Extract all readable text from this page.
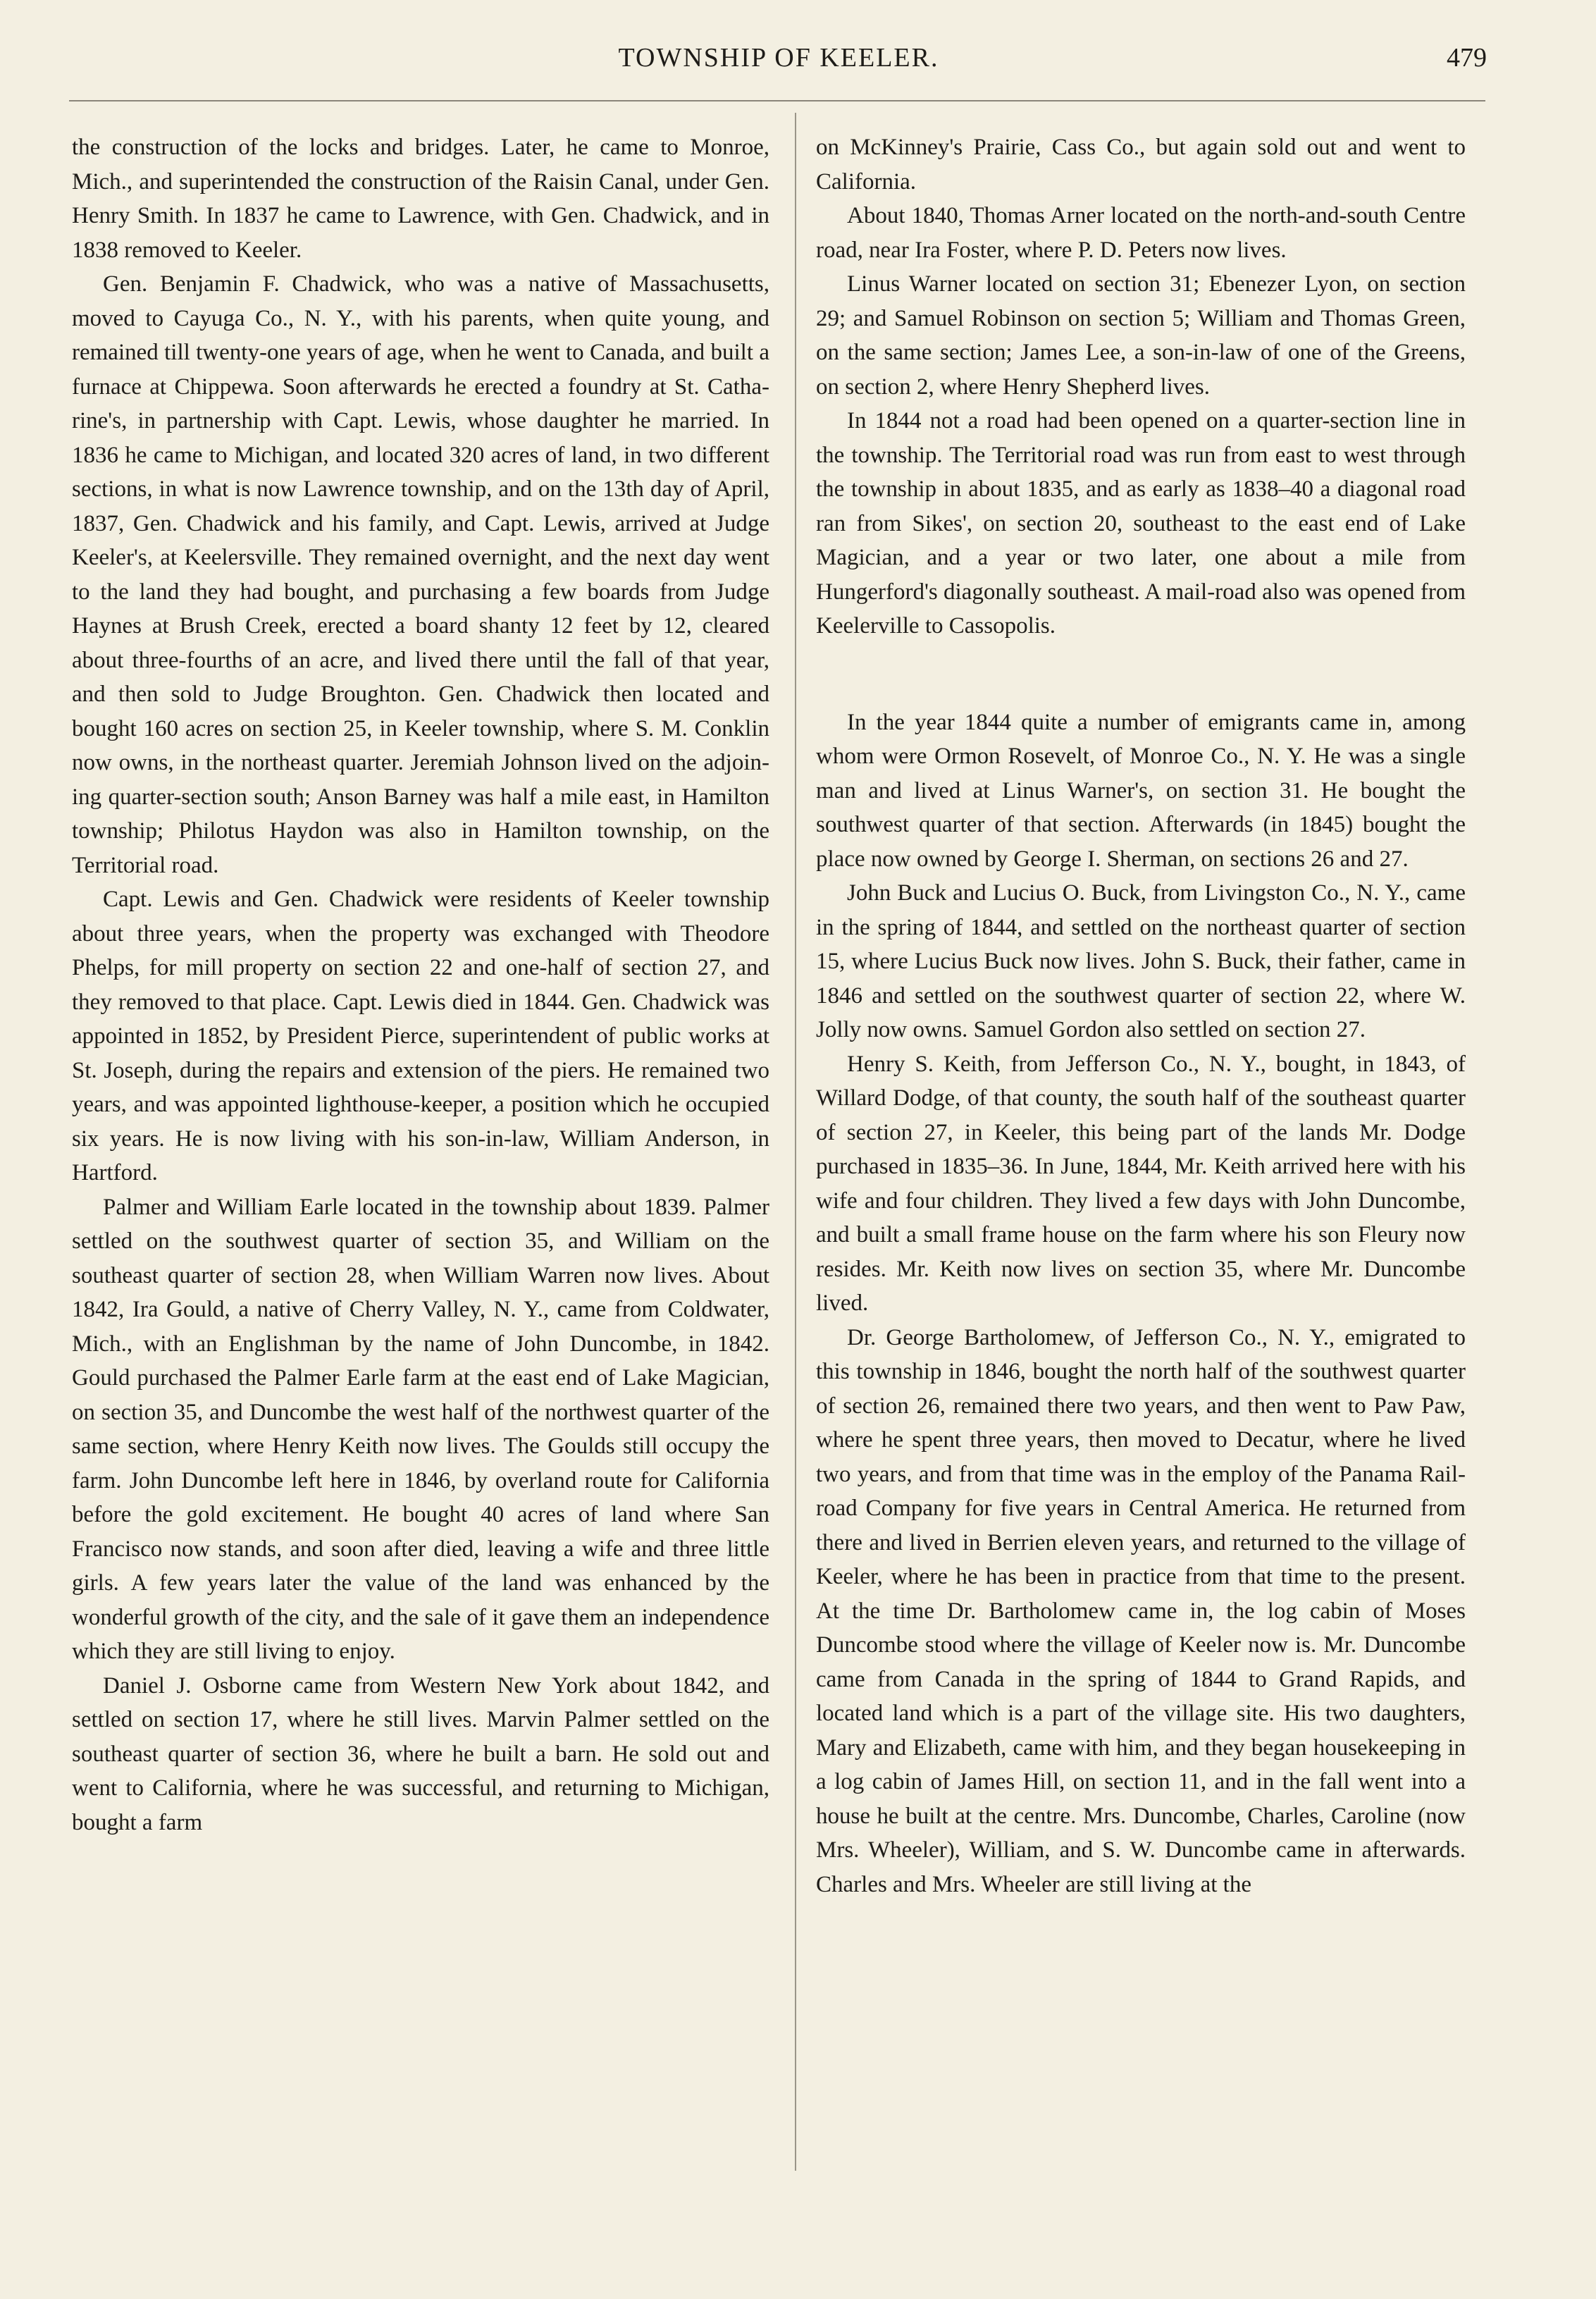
TOWNSHIP OF KEELER.	479

the construction of the locks and bridges. Later, he came to Monroe, Mich., and superintended the construction of the Raisin Canal, under Gen. Henry Smith. In 1837 he came to Lawrence, with Gen. Chadwick, and in 1838 removed to Keeler.

Gen. Benjamin F. Chadwick, who was a native of Massachusetts, moved to Cayuga Co., N. Y., with his parents, when quite young, and remained till twenty-one years of age, when he went to Canada, and built a furnace at Chippewa. Soon afterwards he erected a foundry at St. Catharine's, in partnership with Capt. Lewis, whose daughter he married. In 1836 he came to Michigan, and located 320 acres of land, in two different sections, in what is now Lawrence township, and on the 13th day of April, 1837, Gen. Chadwick and his family, and Capt. Lewis, arrived at Judge Keeler's, at Keelersville. They remained overnight, and the next day went to the land they had bought, and purchasing a few boards from Judge Haynes at Brush Creek, erected a board shanty 12 feet by 12, cleared about three-fourths of an acre, and lived there until the fall of that year, and then sold to Judge Broughton. Gen. Chadwick then located and bought 160 acres on section 25, in Keeler township, where S. M. Conklin now owns, in the northeast quarter. Jeremiah Johnson lived on the adjoining quarter-section south; Anson Barney was half a mile east, in Hamilton township; Philotus Haydon was also in Hamilton township, on the Territorial road.

Capt. Lewis and Gen. Chadwick were residents of Keeler township about three years, when the property was exchanged with Theodore Phelps, for mill property on section 22 and one-half of section 27, and they removed to that place. Capt. Lewis died in 1844. Gen. Chadwick was appointed in 1852, by President Pierce, superintendent of public works at St. Joseph, during the repairs and extension of the piers. He remained two years, and was appointed lighthouse-keeper, a position which he occupied six years. He is now living with his son-in-law, William Anderson, in Hartford.

Palmer and William Earle located in the township about 1839. Palmer settled on the southwest quarter of section 35, and William on the southeast quarter of section 28, when William Warren now lives. About 1842, Ira Gould, a native of Cherry Valley, N. Y., came from Coldwater, Mich., with an Englishman by the name of John Duncombe, in 1842. Gould purchased the Palmer Earle farm at the east end of Lake Magician, on section 35, and Duncombe the west half of the northwest quarter of the same section, where Henry Keith now lives. The Goulds still occupy the farm. John Duncombe left here in 1846, by overland route for California before the gold excitement. He bought 40 acres of land where San Francisco now stands, and soon after died, leaving a wife and three little girls. A few years later the value of the land was enhanced by the wonderful growth of the city, and the sale of it gave them an independence which they are still living to enjoy.

Daniel J. Osborne came from Western New York about 1842, and settled on section 17, where he still lives. Marvin Palmer settled on the southeast quarter of section 36, where he built a barn. He sold out and went to California, where he was successful, and returning to Michigan, bought a farm

on McKinney's Prairie, Cass Co., but again sold out and went to California.

About 1840, Thomas Arner located on the north-and-south Centre road, near Ira Foster, where P. D. Peters now lives.

Linus Warner located on section 31; Ebenezer Lyon, on section 29; and Samuel Robinson on section 5; William and Thomas Green, on the same section; James Lee, a son-in-law of one of the Greens, on section 2, where Henry Shepherd lives.

In 1844 not a road had been opened on a quarter-section line in the township. The Territorial road was run from east to west through the township in about 1835, and as early as 1838–40 a diagonal road ran from Sikes', on section 20, southeast to the east end of Lake Magician, and a year or two later, one about a mile from Hungerford's diagonally southeast. A mail-road also was opened from Keelerville to Cassopolis.

In the year 1844 quite a number of emigrants came in, among whom were Ormon Rosevelt, of Monroe Co., N. Y. He was a single man and lived at Linus Warner's, on section 31. He bought the southwest quarter of that section. Afterwards (in 1845) bought the place now owned by George I. Sherman, on sections 26 and 27.

John Buck and Lucius O. Buck, from Livingston Co., N. Y., came in the spring of 1844, and settled on the northeast quarter of section 15, where Lucius Buck now lives. John S. Buck, their father, came in 1846 and settled on the southwest quarter of section 22, where W. Jolly now owns. Samuel Gordon also settled on section 27.

Henry S. Keith, from Jefferson Co., N. Y., bought, in 1843, of Willard Dodge, of that county, the south half of the southeast quarter of section 27, in Keeler, this being part of the lands Mr. Dodge purchased in 1835–36. In June, 1844, Mr. Keith arrived here with his wife and four children. They lived a few days with John Duncombe, and built a small frame house on the farm where his son Fleury now resides. Mr. Keith now lives on section 35, where Mr. Duncombe lived.

Dr. George Bartholomew, of Jefferson Co., N. Y., emigrated to this township in 1846, bought the north half of the southwest quarter of section 26, remained there two years, and then went to Paw Paw, where he spent three years, then moved to Decatur, where he lived two years, and from that time was in the employ of the Panama Railroad Company for five years in Central America. He returned from there and lived in Berrien eleven years, and returned to the village of Keeler, where he has been in practice from that time to the present. At the time Dr. Bartholomew came in, the log cabin of Moses Duncombe stood where the village of Keeler now is. Mr. Duncombe came from Canada in the spring of 1844 to Grand Rapids, and located land which is a part of the village site. His two daughters, Mary and Elizabeth, came with him, and they began housekeeping in a log cabin of James Hill, on section 11, and in the fall went into a house he built at the centre. Mrs. Duncombe, Charles, Caroline (now Mrs. Wheeler), William, and S. W. Duncombe came in afterwards. Charles and Mrs. Wheeler are still living at the
